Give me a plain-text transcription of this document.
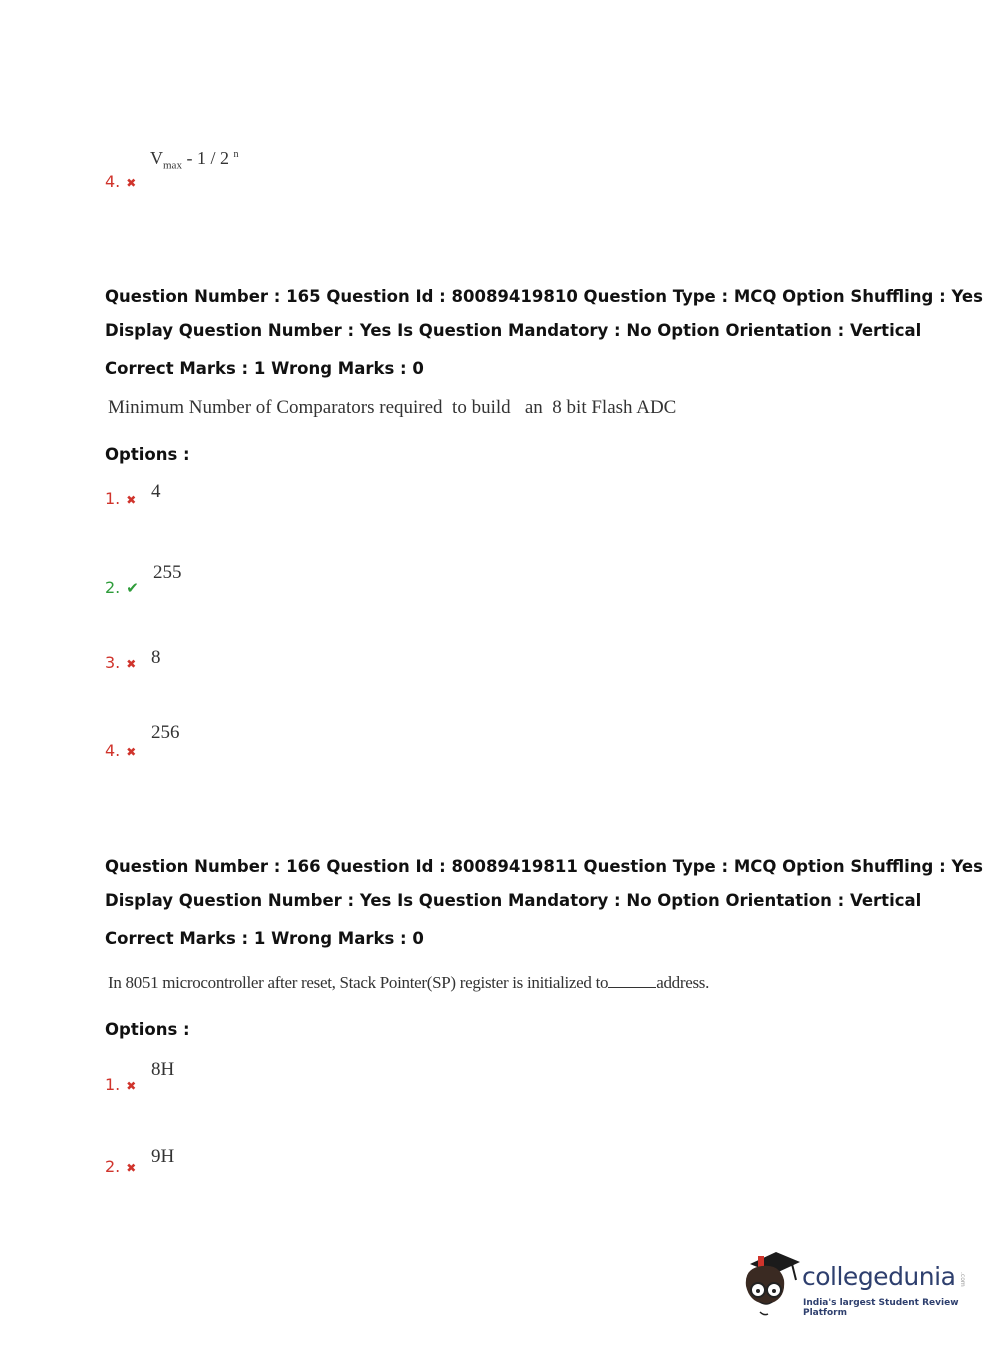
$V_{max} - 1 / 2$ $^n$
4. ✖
Question Number : 165 Question Id : 80089419810 Question Type : MCQ Option Shuffling : Yes
Display Question Number : Yes Is Question Mandatory : No Option Orientation : Vertical
Correct Marks : 1 Wrong Marks : 0
Minimum Number of Comparators required  to build   an  8 bit Flash ADC
Options :
1. ✖ 4
2. ✔
255
3. ✖ 8
4. ✖
256
Question Number : 166 Question Id : 80089419811 Question Type : MCQ Option Shuffling : Yes
Display Question Number : Yes Is Question Mandatory : No Option Orientation : Vertical
Correct Marks : 1 Wrong Marks : 0
In 8051 microcontroller after reset, Stack Pointer(SP) register is initialized to	address.
Options :
1. ✖
8H
2. ✖
9H
collegedunia .com
India's largest Student Review Platform
